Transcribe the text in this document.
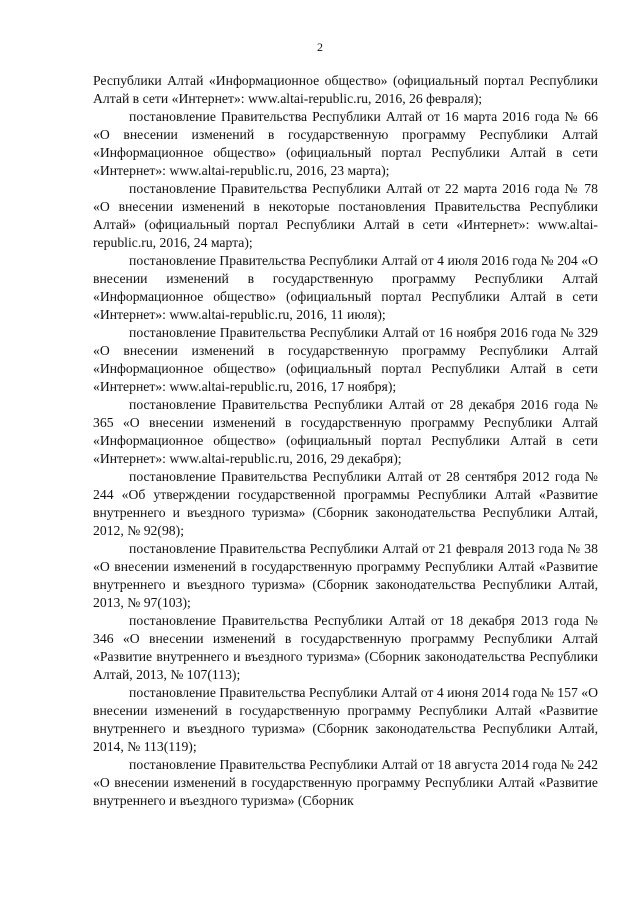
2

Республики Алтай «Информационное общество» (официальный портал Республики Алтай в сети «Интернет»: www.altai-republic.ru, 2016, 26 февраля);

постановление Правительства Республики Алтай от 16 марта 2016 года № 66 «О внесении изменений в государственную программу Республики Алтай «Информационное общество» (официальный портал Республики Алтай в сети «Интернет»: www.altai-republic.ru, 2016, 23 марта);

постановление Правительства Республики Алтай от 22 марта 2016 года № 78 «О внесении изменений в некоторые постановления Правительства Республики Алтай» (официальный портал Республики Алтай в сети «Интернет»: www.altai-republic.ru, 2016, 24 марта);

постановление Правительства Республики Алтай от 4 июля 2016 года № 204 «О внесении изменений в государственную программу Республики Алтай «Информационное общество» (официальный портал Республики Алтай в сети «Интернет»: www.altai-republic.ru, 2016, 11 июля);

постановление Правительства Республики Алтай от 16 ноября 2016 года № 329 «О внесении изменений в государственную программу Республики Алтай «Информационное общество» (официальный портал Республики Алтай в сети «Интернет»: www.altai-republic.ru, 2016, 17 ноября);

постановление Правительства Республики Алтай от 28 декабря 2016 года № 365 «О внесении изменений в государственную программу Республики Алтай «Информационное общество» (официальный портал Республики Алтай в сети «Интернет»: www.altai-republic.ru, 2016, 29 декабря);

постановление Правительства Республики Алтай от 28 сентября 2012 года № 244 «Об утверждении государственной программы Республики Алтай «Развитие внутреннего и въездного туризма» (Сборник законодательства Республики Алтай, 2012, № 92(98);

постановление Правительства Республики Алтай от 21 февраля 2013 года № 38 «О внесении изменений в государственную программу Республики Алтай «Развитие внутреннего и въездного туризма» (Сборник законодательства Республики Алтай, 2013, № 97(103);

постановление Правительства Республики Алтай от 18 декабря 2013 года № 346 «О внесении изменений в государственную программу Республики Алтай «Развитие внутреннего и въездного туризма» (Сборник законодательства Республики Алтай, 2013, № 107(113);

постановление Правительства Республики Алтай от 4 июня 2014 года № 157 «О внесении изменений в государственную программу Республики Алтай «Развитие внутреннего и въездного туризма» (Сборник законодательства Республики Алтай, 2014, № 113(119);

постановление Правительства Республики Алтай от 18 августа 2014 года № 242 «О внесении изменений в государственную программу Республики Алтай «Развитие внутреннего и въездного туризма» (Сборник
